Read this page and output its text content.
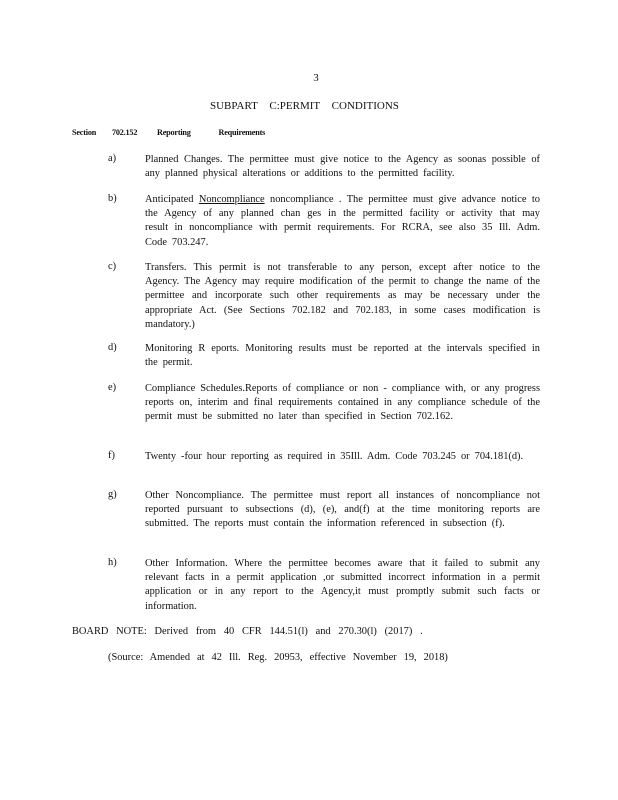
3
SUBPART C:PERMIT CONDITIONS
Section 702.152 Reporting Requirements
a)	Planned Changes. The permittee must give notice to the Agency as soonas possible of any planned physical alterations or additions to the permitted facility.
b)	Anticipated Noncompliance noncompliance . The permittee must give advance notice to the Agency of any planned chan ges in the permitted facility or activity that may result in noncompliance with permit requirements. For RCRA, see also 35 Ill. Adm. Code 703.247.
c)	Transfers. This permit is not transferable to any person, except after notice to the Agency. The Agency may require modification of the permit to change the name of the permittee and incorporate such other requirements as may be necessary under the appropriate Act. (See Sections 702.182 and 702.183, in some cases modification is mandatory.)
d)	Monitoring R eports. Monitoring results must be reported at the intervals specified in the permit.
e)	Compliance Schedules.Reports of compliance or non - compliance with, or any progress reports on, interim and final requirements contained in any compliance schedule of the permit must be submitted no later than specified in Section 702.162.
f)	Twenty -four hour reporting as required in 35Ill. Adm. Code 703.245 or 704.181(d).
g)	Other Noncompliance. The permittee must report all instances of noncompliance not reported pursuant to subsections (d), (e), and(f) at the time monitoring reports are submitted. The reports must contain the information referenced in subsection (f).
h)	Other Information. Where the permittee becomes aware that it failed to submit any relevant facts in a permit application ,or submitted incorrect information in a permit application or in any report to the Agency,it must promptly submit such facts or information.
BOARD NOTE: Derived from 40 CFR 144.51(l) and 270.30(l) (2017) .
(Source: Amended at 42 Ill. Reg. 20953, effective November 19, 2018)
